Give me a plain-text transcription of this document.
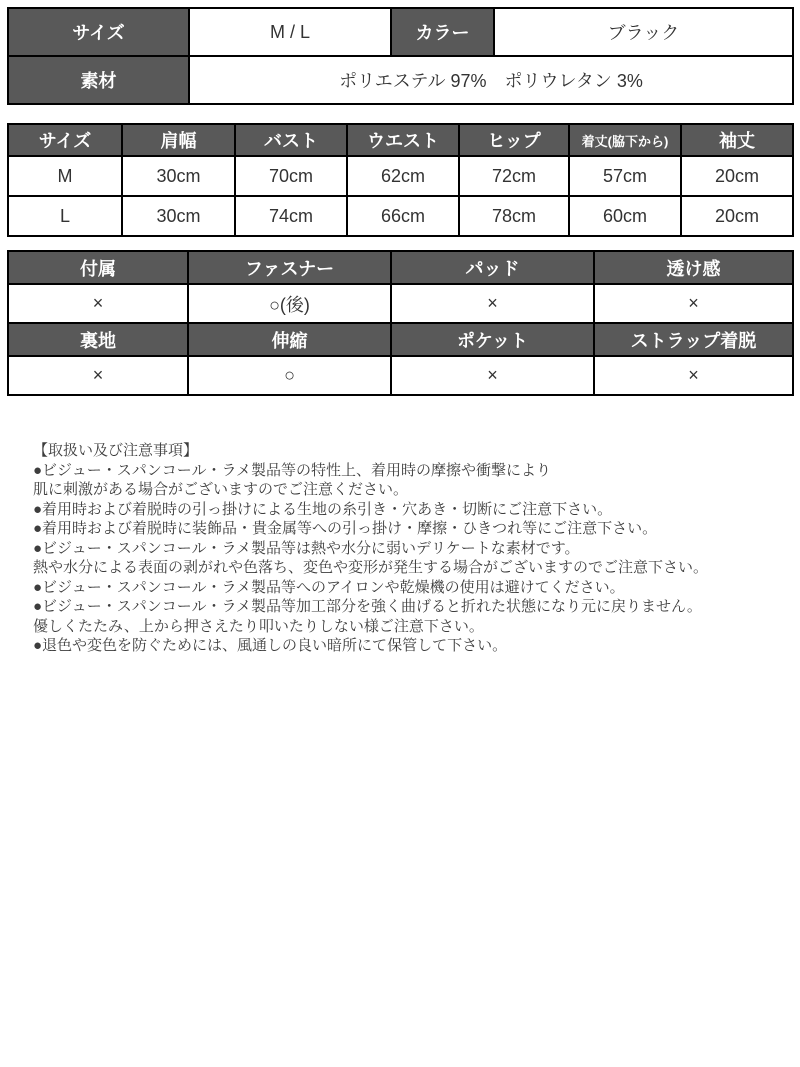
サイズ	M / L	カラー	ブラック
素材	ポリエステル 97%　ポリウレタン 3%		
サイズ	肩幅	バスト	ウエスト	ヒップ	着丈(脇下から)	袖丈
M	30cm	70cm	62cm	72cm	57cm	20cm
L	30cm	74cm	66cm	78cm	60cm	20cm
付属	ファスナー	パッド	透け感
×	○(後)	×	×
裏地	伸縮	ポケット	ストラップ着脱
×	○	×	×
【取扱い及び注意事項】
●ビジュー・スパンコール・ラメ製品等の特性上、着用時の摩擦や衝撃により
肌に刺激がある場合がございますのでご注意ください。
●着用時および着脱時の引っ掛けによる生地の糸引き・穴あき・切断にご注意下さい。
●着用時および着脱時に装飾品・貴金属等への引っ掛け・摩擦・ひきつれ等にご注意下さい。
●ビジュー・スパンコール・ラメ製品等は熱や水分に弱いデリケートな素材です。
熱や水分による表面の剥がれや色落ち、変色や変形が発生する場合がございますのでご注意下さい。
●ビジュー・スパンコール・ラメ製品等へのアイロンや乾燥機の使用は避けてください。
●ビジュー・スパンコール・ラメ製品等加工部分を強く曲げると折れた状態になり元に戻りません。
優しくたたみ、上から押さえたり叩いたりしない様ご注意下さい。
●退色や変色を防ぐためには、風通しの良い暗所にて保管して下さい。
